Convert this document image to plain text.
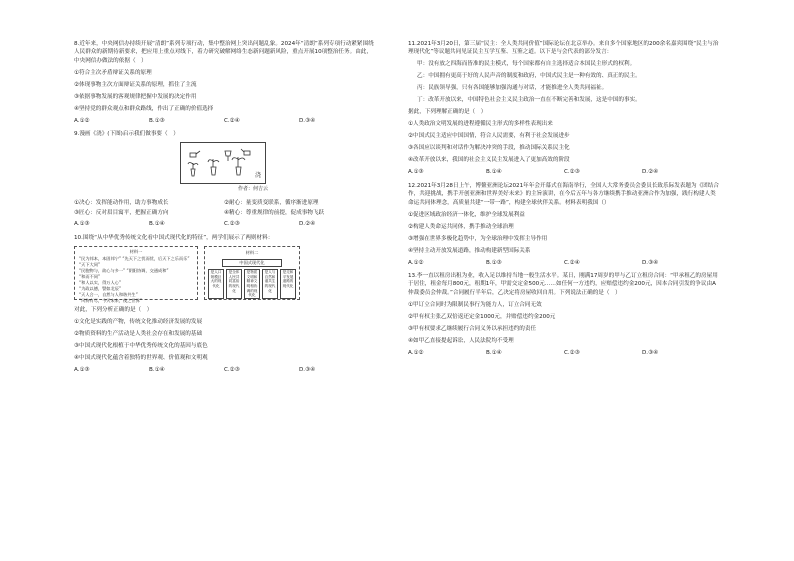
8.近年来，中央网信办持续开展“清朗”系列专项行动，集中整治网上突出问题乱象。2024年“清朗”系列专项行动紧紧围绕人民群众的新期待新要求，把应用上重点对线下，着力研究破解网络生态新问题新风险，重点开展10项整治任务。由此，中央网信办做法的依据（　）

①符合主次矛盾辩证关系的原理

②体现事物主次方面辩证关系的原理，抓住了主流

③依据事物发展的客观规律把握中发展的决定作用

④坚持党的群众观点和群众路线，作出了正确的价值选择

A.①②	B.①③	C.②④	D.③④

9.漫画《浇》(下图)启示我们做事要（　）

浇
作者：何吉云
①决心：发挥能动作用，助力事物成长	②耐心：量变质变联系，循序渐进原理
③匠心：反对眉目寓平，把握正确方向	④精心：尊重规律的前提，促成事物飞跃
A.①③	B.①④	C.②③	D.②④

10.围绕“从中华优秀传统文化看中国式现代化的特征”，两学们展示了两则材料：

材料一
“民为邦本，本固邦宁” “先天下之忧而忧，后天下之乐而乐”
“天下大同”
“民胞物与，欲心与多一” “阴阳协调，交通成和”
“和而不同”
“和人以实，得万人心”
“为政以德，譬如北辰”
“天人合一，自然与人和谐共生”
“风物有尽，今天未来，使之世界”
材料二
中国式现代化
是人口规模巨大的现代化
是全体人民共同富裕的现代化
是物质文明和精神文明相协调的现代化
是人与自然和谐共生的现代化
是走和平发展道路的现代化

对此，下列分析正确的是（　）

①文化是实践的产物，传统文化推动经济发展的发展

②物质资料的生产活动是人类社会存在和发展的基础

③中国式现代化根植于中华优秀传统文化的基因与底色

④中国式现代化蕴含着独特的世界观、价值观和文明观

A.①③	B.①④	C.②③	D.③④

11.2021年3月20日，第三届“民主：全人类共同价值”国际论坛在北京举办。来自多个国家地区的200余名嘉宾围绕“民主与治理现代化”等议题共同见证民主互学互鉴、互鉴之道。以下是与会代表的部分发言：

甲：没有放之四海而皆准的民主模式，每个国家都有自主选择适合本国民主形式的权利。

乙：中国拥有更高于好的人民声音的制度和政府，中国式民主是一种有效的、真正的民主。

丙：民族领导强，只有各国能够加强沟通与对话，才能推进全人类共同福祉。

丁：改革开放以来，中国特色社会主义民主政治一直在不断完善和发展，这是中国的事实。

据此，下列理解正确的是（　）

①人类政治文明发展的进程遵循民主形式的多样性表现出来

②中国式民主适应中国国情，符合人民需要，有利于社会发展进步

③各国应以谈判和对话作为解决冲突的手段，推动国际关系民主化

④改革开放以来，我国的社会主义民主发展进入了更加高效的阶段

A.①③	B.①④	C.②③	D.②④

12.2021年3月28日上午，博鳌亚洲论坛2021年年会开幕式在海南举行，全国人大常务委员会委员长致乐际发表题为《团结合作，共迎挑战，携手开创亚洲和世界美好未来》的主旨演讲，在今后五年与各方继续携手推动亚洲合作为加强，践行构建人类命运共同体理念，高质量共建“一带一路”，构建全球伙伴关系。材料表明我国（）

①促进区域政治经济一体化，维护全球发展利益

②构建人类命运共同体，携手推动全球治理

③增强在世界多极化趋势中，为全球治理中发挥主导作用

④坚持主动开放发展道路，推动构建新型国际关系

A.①②	B.①③	C.②④	D.③④

13.李一直以租房出租为业，收入足以维持当地一般生活水平。某日，刚满17周岁的甲与乙订立租房合同：“甲承租乙的房屋用于居住，租金每月800元，租期1年，甲需交定金500元……如任何一方违约，应赔偿违约金200元，因本合同引发的争议由A仲裁委员会仲裁。”合同履行半年后，乙决定将房屋收回自用。下列说法正确的是（　）

①甲订立合同时为限制民事行为能力人，订立合同无效

②甲有权主张乙双倍返还定金1000元，并赔偿违约金200元

③甲有权要求乙继续履行合同义务以承担违约的责任

④如甲乙直接提起诉讼，人民法院均不受理

A.①②	B.①④	C.②③	D.③④
